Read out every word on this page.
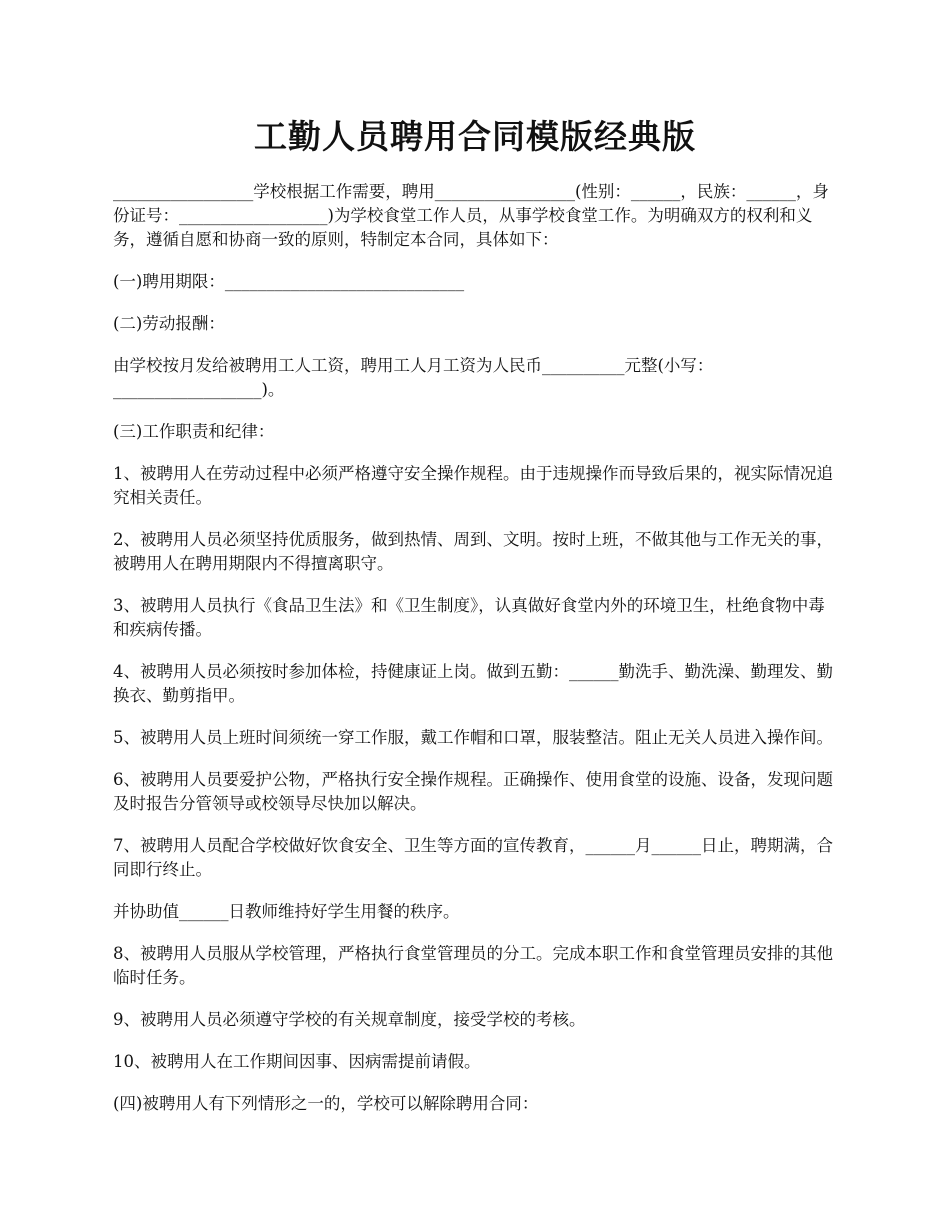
工勤人员聘用合同模版经典版

_________________学校根据工作需要，聘用_________________(性别：______，民族：______，身份证号：__________________)为学校食堂工作人员，从事学校食堂工作。为明确双方的权利和义务，遵循自愿和协商一致的原则，特制定本合同，具体如下：

(一)聘用期限：_____________________________

(二)劳动报酬：

由学校按月发给被聘用工人工资，聘用工人月工资为人民币__________元整(小写：__________________)。

(三)工作职责和纪律：

1、被聘用人在劳动过程中必须严格遵守安全操作规程。由于违规操作而导致后果的，视实际情况追究相关责任。

2、被聘用人员必须坚持优质服务，做到热情、周到、文明。按时上班，不做其他与工作无关的事，被聘用人在聘用期限内不得擅离职守。

3、被聘用人员执行《食品卫生法》和《卫生制度》，认真做好食堂内外的环境卫生，杜绝食物中毒和疾病传播。

4、被聘用人员必须按时参加体检，持健康证上岗。做到五勤：______勤洗手、勤洗澡、勤理发、勤换衣、勤剪指甲。

5、被聘用人员上班时间须统一穿工作服，戴工作帽和口罩，服装整洁。阻止无关人员进入操作间。

6、被聘用人员要爱护公物，严格执行安全操作规程。正确操作、使用食堂的设施、设备，发现问题及时报告分管领导或校领导尽快加以解决。

7、被聘用人员配合学校做好饮食安全、卫生等方面的宣传教育，______月______日止，聘期满，合同即行终止。

并协助值______日教师维持好学生用餐的秩序。

8、被聘用人员服从学校管理，严格执行食堂管理员的分工。完成本职工作和食堂管理员安排的其他临时任务。

9、被聘用人员必须遵守学校的有关规章制度，接受学校的考核。

10、被聘用人在工作期间因事、因病需提前请假。

(四)被聘用人有下列情形之一的，学校可以解除聘用合同：
